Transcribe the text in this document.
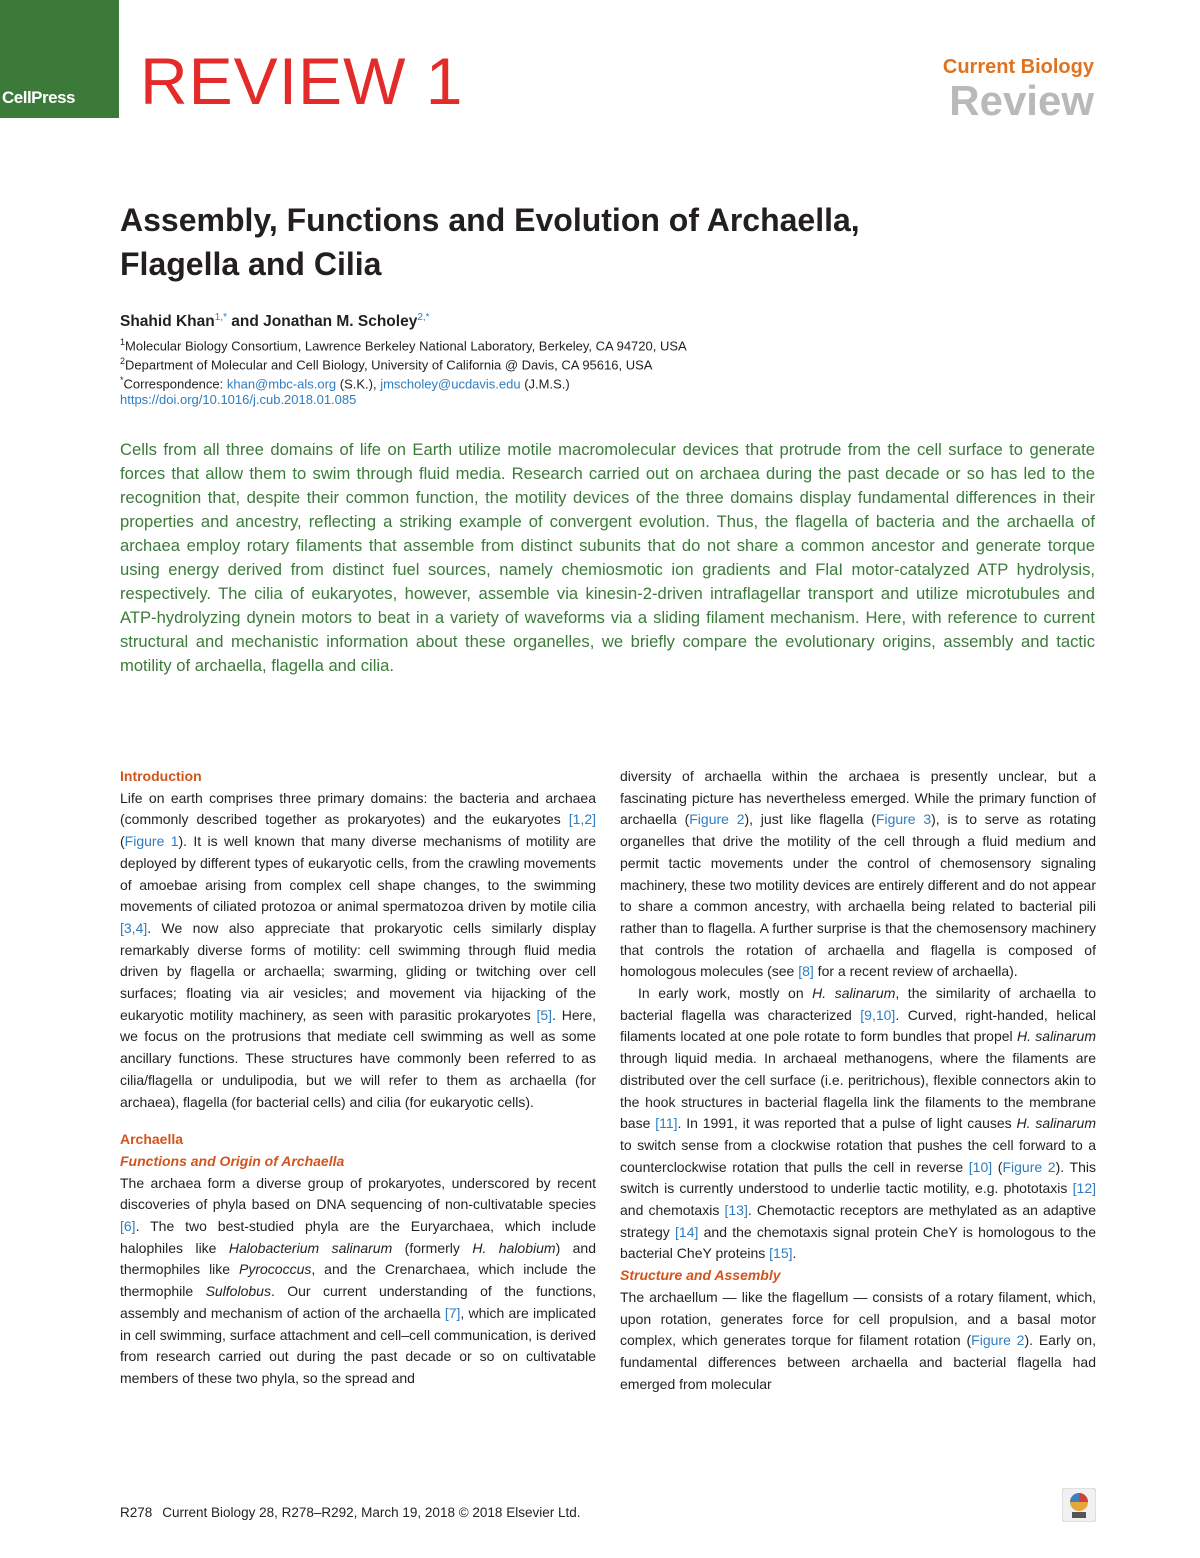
CellPress REVIEW 1	Current Biology
Review
Assembly, Functions and Evolution of Archaella,
Flagella and Cilia
Shahid Khan$^{1,*}$ and Jonathan M. Scholey$^{2,*}$
$^1$Molecular Biology Consortium, Lawrence Berkeley National Laboratory, Berkeley, CA 94720, USA
$^2$Department of Molecular and Cell Biology, University of California @ Davis, CA 95616, USA
*Correspondence: khan@mbc-als.org (S.K.), jmscholey@ucdavis.edu (J.M.S.)
https://doi.org/10.1016/j.cub.2018.01.085
Cells from all three domains of life on Earth utilize motile macromolecular devices that protrude from the cell surface to generate forces that allow them to swim through fluid media. Research carried out on archaea during the past decade or so has led to the recognition that, despite their common function, the motility devices of the three domains display fundamental differences in their properties and ancestry, reflecting a striking example of convergent evolution. Thus, the flagella of bacteria and the archaella of archaea employ rotary filaments that assemble from distinct subunits that do not share a common ancestor and generate torque using energy derived from distinct fuel sources, namely chemiosmotic ion gradients and FlaI motor-catalyzed ATP hydrolysis, respectively. The cilia of eukaryotes, however, assemble via kinesin-2-driven intraflagellar transport and utilize microtubules and ATP-hydrolyzing dynein motors to beat in a variety of waveforms via a sliding filament mechanism. Here, with reference to current structural and mechanistic information about these organelles, we briefly compare the evolutionary origins, assembly and tactic motility of archaella, flagella and cilia.

Introduction

Life on earth comprises three primary domains: the bacteria and archaea (commonly described together as prokaryotes) and the eukaryotes [1,2] (Figure 1). It is well known that many diverse mechanisms of motility are deployed by different types of eukaryotic cells, from the crawling movements of amoebae arising from complex cell shape changes, to the swimming movements of ciliated protozoa or animal spermatozoa driven by motile cilia [3,4]. We now also appreciate that prokaryotic cells similarly display remarkably diverse forms of motility: cell swimming through fluid media driven by flagella or archaella; swarming, gliding or twitching over cell surfaces; floating via air vesicles; and movement via hijacking of the eukaryotic motility machinery, as seen with parasitic prokaryotes [5]. Here, we focus on the protrusions that mediate cell swimming as well as some ancillary functions. These structures have commonly been referred to as cilia/flagella or undulipodia, but we will refer to them as archaella (for archaea), flagella (for bacterial cells) and cilia (for eukaryotic cells).

Archaella

Functions and Origin of Archaella

The archaea form a diverse group of prokaryotes, underscored by recent discoveries of phyla based on DNA sequencing of non-cultivatable species [6]. The two best-studied phyla are the Euryarchaea, which include halophiles like Halobacterium salinarum (formerly H. halobium) and thermophiles like Pyrococcus, and the Crenarchaea, which include the thermophile Sulfolobus. Our current understanding of the functions, assembly and mechanism of action of the archaella [7], which are implicated in cell swimming, surface attachment and cell–cell communication, is derived from research carried out during the past decade or so on cultivatable members of these two phyla, so the spread and

diversity of archaella within the archaea is presently unclear, but a fascinating picture has nevertheless emerged. While the primary function of archaella (Figure 2), just like flagella (Figure 3), is to serve as rotating organelles that drive the motility of the cell through a fluid medium and permit tactic movements under the control of chemosensory signaling machinery, these two motility devices are entirely different and do not appear to share a common ancestry, with archaella being related to bacterial pili rather than to flagella. A further surprise is that the chemosensory machinery that controls the rotation of archaella and flagella is composed of homologous molecules (see [8] for a recent review of archaella).

In early work, mostly on H. salinarum, the similarity of archaella to bacterial flagella was characterized [9,10]. Curved, right-handed, helical filaments located at one pole rotate to form bundles that propel H. salinarum through liquid media. In archaeal methanogens, where the filaments are distributed over the cell surface (i.e. peritrichous), flexible connectors akin to the hook structures in bacterial flagella link the filaments to the membrane base [11]. In 1991, it was reported that a pulse of light causes H. salinarum to switch sense from a clockwise rotation that pushes the cell forward to a counterclockwise rotation that pulls the cell in reverse [10] (Figure 2). This switch is currently understood to underlie tactic motility, e.g. phototaxis [12] and chemotaxis [13]. Chemotactic receptors are methylated as an adaptive strategy [14] and the chemotaxis signal protein CheY is homologous to the bacterial CheY proteins [15].

Structure and Assembly

The archaellum — like the flagellum — consists of a rotary filament, which, upon rotation, generates force for cell propulsion, and a basal motor complex, which generates torque for filament rotation (Figure 2). Early on, fundamental differences between archaella and bacterial flagella had emerged from molecular

R278 Current Biology 28, R278–R292, March 19, 2018 © 2018 Elsevier Ltd.
